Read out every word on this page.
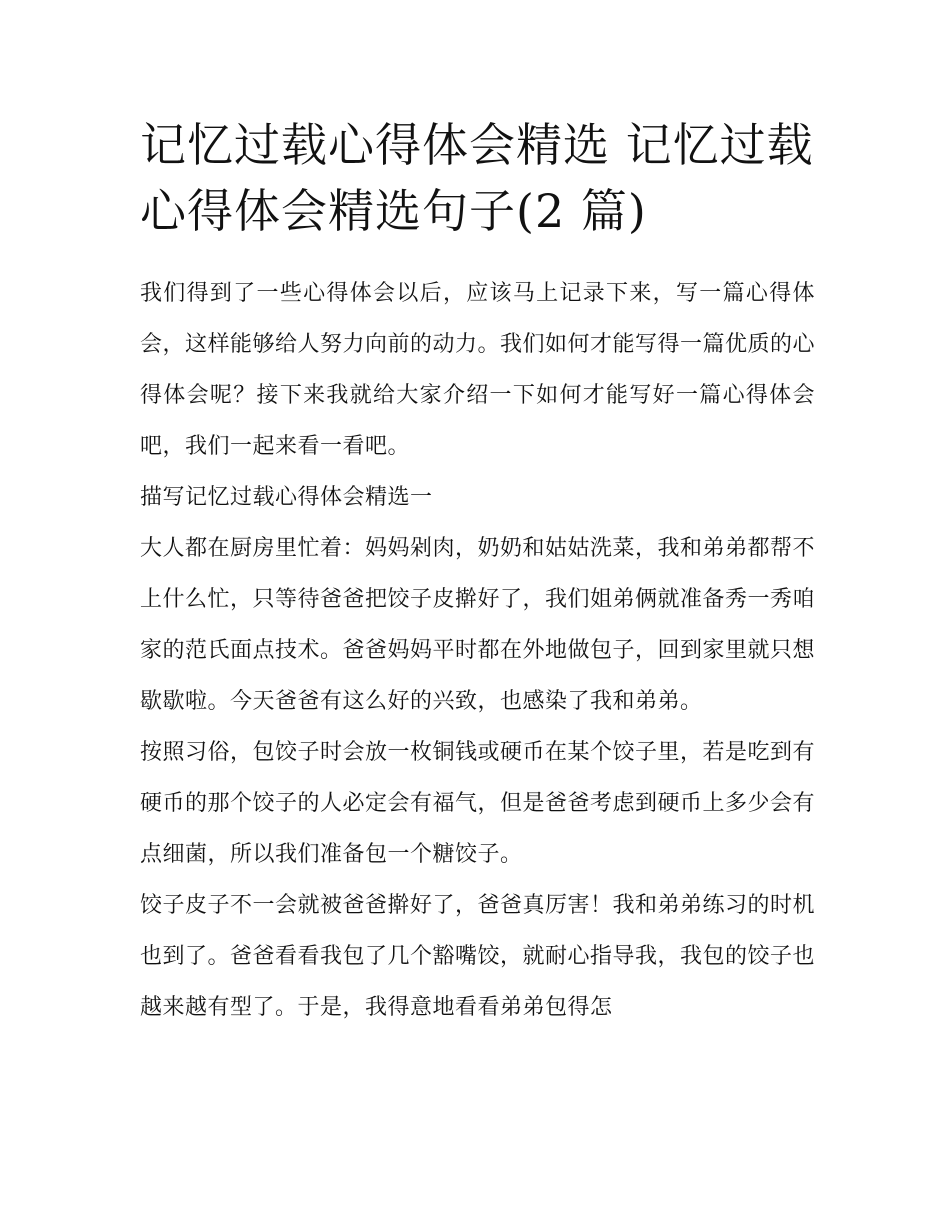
记忆过载心得体会精选 记忆过载心得体会精选句子(2 篇)

我们得到了一些心得体会以后，应该马上记录下来，写一篇心得体会，这样能够给人努力向前的动力。我们如何才能写得一篇优质的心得体会呢？接下来我就给大家介绍一下如何才能写好一篇心得体会吧，我们一起来看一看吧。

描写记忆过载心得体会精选一

大人都在厨房里忙着：妈妈剁肉，奶奶和姑姑洗菜，我和弟弟都帮不上什么忙，只等待爸爸把饺子皮擀好了，我们姐弟俩就准备秀一秀咱家的范氏面点技术。爸爸妈妈平时都在外地做包子，回到家里就只想歇歇啦。今天爸爸有这么好的兴致，也感染了我和弟弟。

按照习俗，包饺子时会放一枚铜钱或硬币在某个饺子里，若是吃到有硬币的那个饺子的人必定会有福气，但是爸爸考虑到硬币上多少会有点细菌，所以我们准备包一个糖饺子。

饺子皮子不一会就被爸爸擀好了，爸爸真厉害！我和弟弟练习的时机也到了。爸爸看看我包了几个豁嘴饺，就耐心指导我，我包的饺子也越来越有型了。于是，我得意地看看弟弟包得怎
